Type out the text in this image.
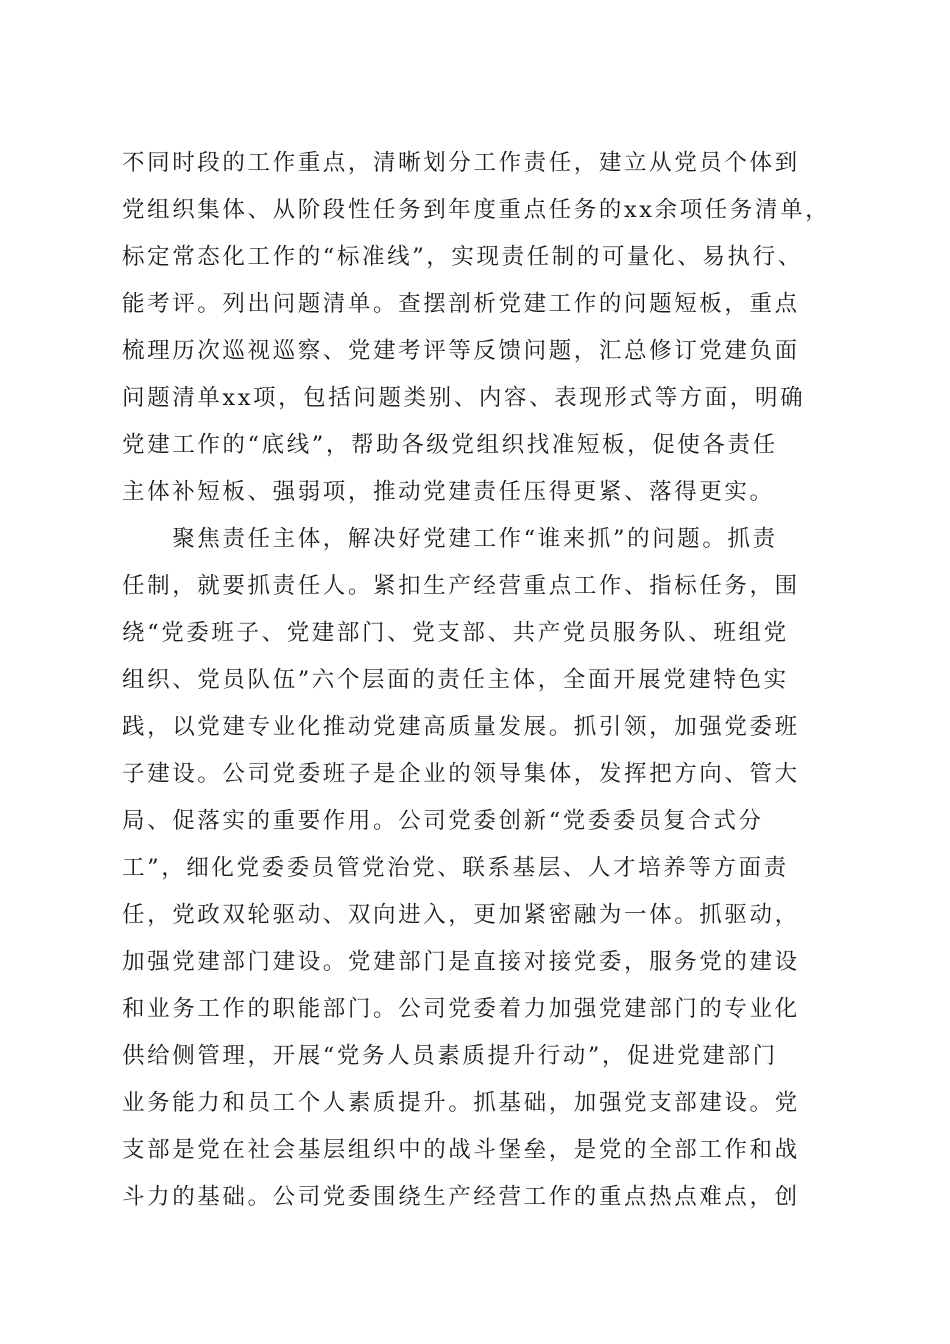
不同时段的工作重点，清晰划分工作责任，建立从党员个体到
党组织集体、从阶段性任务到年度重点任务的xx余项任务清单，
标定常态化工作的“标准线”，实现责任制的可量化、易执行、
能考评。列出问题清单。查摆剖析党建工作的问题短板，重点
梳理历次巡视巡察、党建考评等反馈问题，汇总修订党建负面
问题清单xx项，包括问题类别、内容、表现形式等方面，明确
党建工作的“底线”，帮助各级党组织找准短板，促使各责任
主体补短板、强弱项，推动党建责任压得更紧、落得更实。
　　聚焦责任主体，解决好党建工作“谁来抓”的问题。抓责
任制，就要抓责任人。紧扣生产经营重点工作、指标任务，围
绕“党委班子、党建部门、党支部、共产党员服务队、班组党
组织、党员队伍”六个层面的责任主体，全面开展党建特色实
践，以党建专业化推动党建高质量发展。抓引领，加强党委班
子建设。公司党委班子是企业的领导集体，发挥把方向、管大
局、促落实的重要作用。公司党委创新“党委委员复合式分
工”，细化党委委员管党治党、联系基层、人才培养等方面责
任，党政双轮驱动、双向进入，更加紧密融为一体。抓驱动，
加强党建部门建设。党建部门是直接对接党委，服务党的建设
和业务工作的职能部门。公司党委着力加强党建部门的专业化
供给侧管理，开展“党务人员素质提升行动”，促进党建部门
业务能力和员工个人素质提升。抓基础，加强党支部建设。党
支部是党在社会基层组织中的战斗堡垒，是党的全部工作和战
斗力的基础。公司党委围绕生产经营工作的重点热点难点，创
